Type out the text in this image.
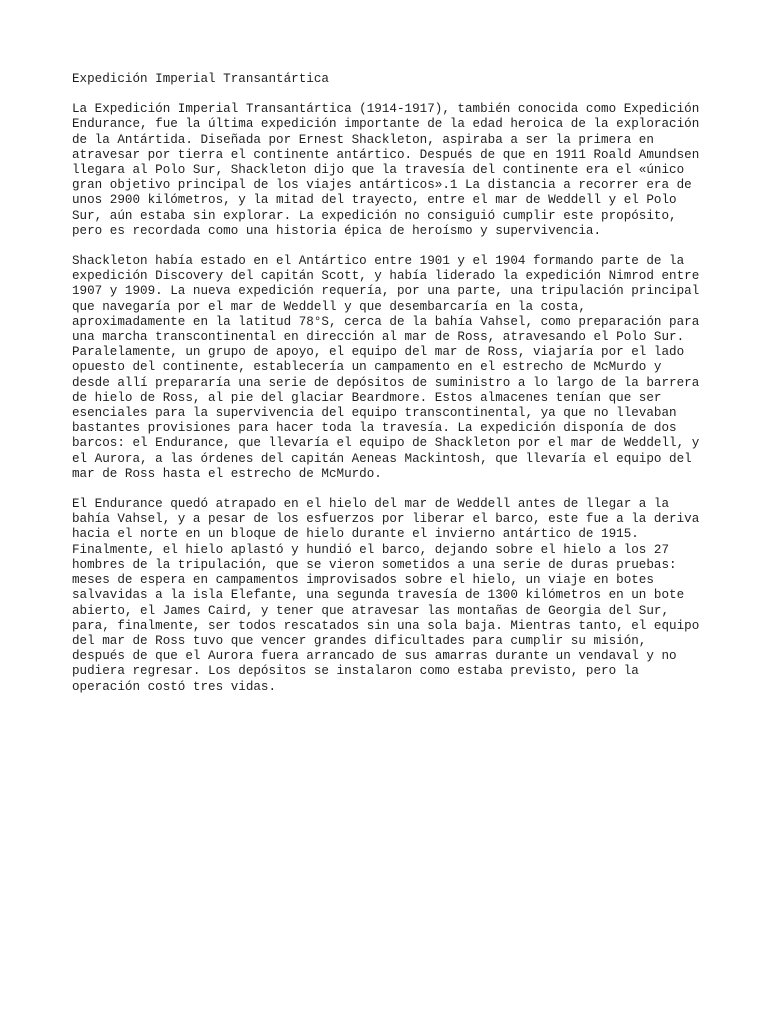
Expedición Imperial Transantártica
La Expedición Imperial Transantártica (1914-1917), también conocida como Expedición
Endurance, fue la última expedición importante de la edad heroica de la exploración
de la Antártida. Diseñada por Ernest Shackleton, aspiraba a ser la primera en
atravesar por tierra el continente antártico. Después de que en 1911 Roald Amundsen
llegara al Polo Sur, Shackleton dijo que la travesía del continente era el «único
gran objetivo principal de los viajes antárticos».1 La distancia a recorrer era de
unos 2900 kilómetros, y la mitad del trayecto, entre el mar de Weddell y el Polo
Sur, aún estaba sin explorar. La expedición no consiguió cumplir este propósito,
pero es recordada como una historia épica de heroísmo y supervivencia.
Shackleton había estado en el Antártico entre 1901 y el 1904 formando parte de la
expedición Discovery del capitán Scott, y había liderado la expedición Nimrod entre
1907 y 1909. La nueva expedición requería, por una parte, una tripulación principal
que navegaría por el mar de Weddell y que desembarcaría en la costa,
aproximadamente en la latitud 78°S, cerca de la bahía Vahsel, como preparación para
una marcha transcontinental en dirección al mar de Ross, atravesando el Polo Sur.
Paralelamente, un grupo de apoyo, el equipo del mar de Ross, viajaría por el lado
opuesto del continente, establecería un campamento en el estrecho de McMurdo y
desde allí prepararía una serie de depósitos de suministro a lo largo de la barrera
de hielo de Ross, al pie del glaciar Beardmore. Estos almacenes tenían que ser
esenciales para la supervivencia del equipo transcontinental, ya que no llevaban
bastantes provisiones para hacer toda la travesía. La expedición disponía de dos
barcos: el Endurance, que llevaría el equipo de Shackleton por el mar de Weddell, y
el Aurora, a las órdenes del capitán Aeneas Mackintosh, que llevaría el equipo del
mar de Ross hasta el estrecho de McMurdo.
El Endurance quedó atrapado en el hielo del mar de Weddell antes de llegar a la
bahía Vahsel, y a pesar de los esfuerzos por liberar el barco, este fue a la deriva
hacia el norte en un bloque de hielo durante el invierno antártico de 1915.
Finalmente, el hielo aplastó y hundió el barco, dejando sobre el hielo a los 27
hombres de la tripulación, que se vieron sometidos a una serie de duras pruebas:
meses de espera en campamentos improvisados sobre el hielo, un viaje en botes
salvavidas a la isla Elefante, una segunda travesía de 1300 kilómetros en un bote
abierto, el James Caird, y tener que atravesar las montañas de Georgia del Sur,
para, finalmente, ser todos rescatados sin una sola baja. Mientras tanto, el equipo
del mar de Ross tuvo que vencer grandes dificultades para cumplir su misión,
después de que el Aurora fuera arrancado de sus amarras durante un vendaval y no
pudiera regresar. Los depósitos se instalaron como estaba previsto, pero la
operación costó tres vidas.
